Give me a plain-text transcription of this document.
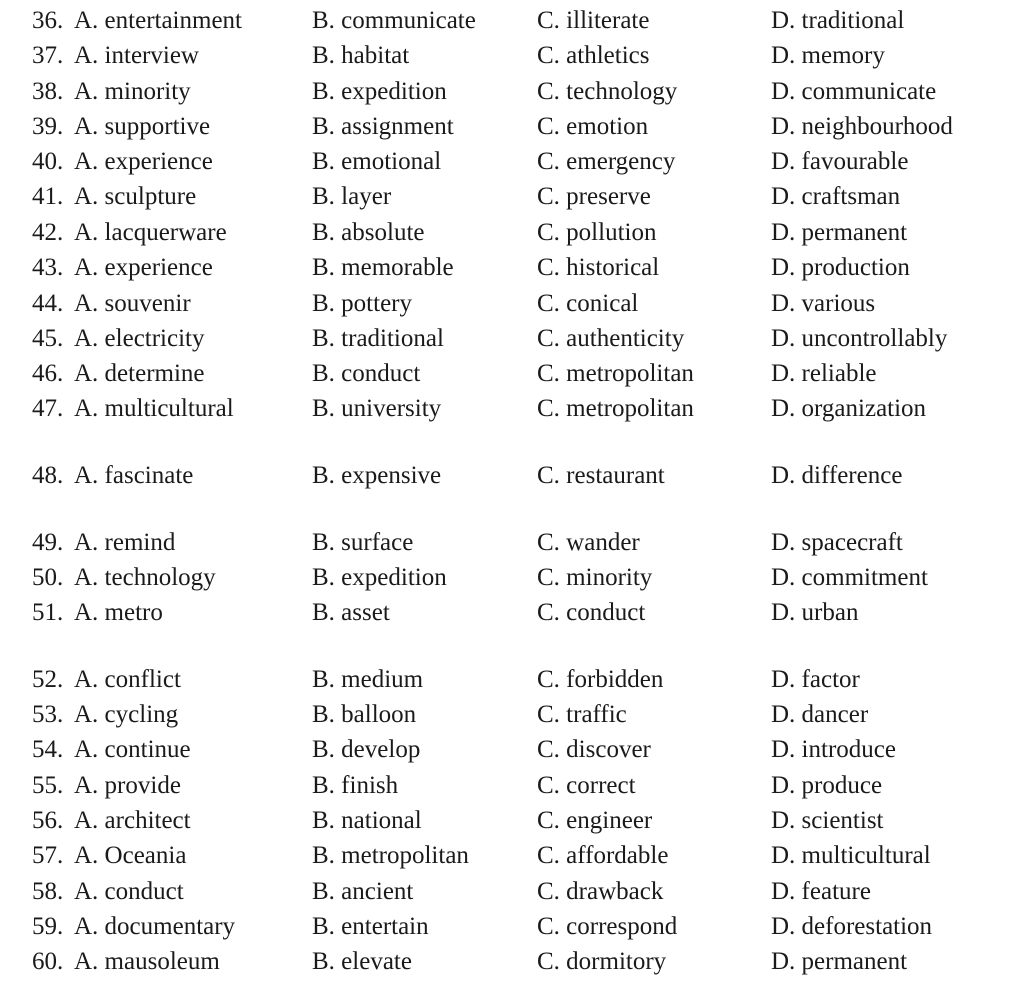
36. A. entertainment	B. communicate C. illiterate	D. traditional
37. A. interview	B. habitat	C. athletics	D. memory
38. A. minority	B. expedition	C. technology	D. communicate
39. A. supportive	B. assignment	C. emotion	D. neighbourhood
40. A. experience	B. emotional	C. emergency	D. favourable
41. A. sculpture	B. layer	C. preserve	D. craftsman
42. A. lacquerware	B. absolute	C. pollution	D. permanent
43. A. experience	B. memorable	C. historical	D. production
44. A. souvenir	B. pottery	C. conical	D. various
45. A. electricity	B. traditional	C. authenticity	D. uncontrollably
46. A. determine	B. conduct	C. metropolitan	D. reliable
47. A. multicultural	B. university	C. metropolitan	D. organization
48. A. fascinate	B. expensive	C. restaurant	D. difference
49. A. remind	B. surface	C. wander	D. spacecraft
50. A. technology	B. expedition	C. minority	D. commitment
51. A. metro	B. asset	C. conduct	D. urban
52. A. conflict	B. medium	C. forbidden	D. factor
53. A. cycling	B. balloon	C. traffic	D. dancer
54. A. continue	B. develop	C. discover	D. introduce
55. A. provide	B. finish	C. correct	D. produce
56. A. architect	B. national	C. engineer	D. scientist
57. A. Oceania	B. metropolitan	C. affordable	D. multicultural
58. A. conduct	B. ancient	C. drawback	D. feature
59. A. documentary	B. entertain	C. correspond	D. deforestation
60. A. mausoleum	B. elevate	C. dormitory	D. permanent
